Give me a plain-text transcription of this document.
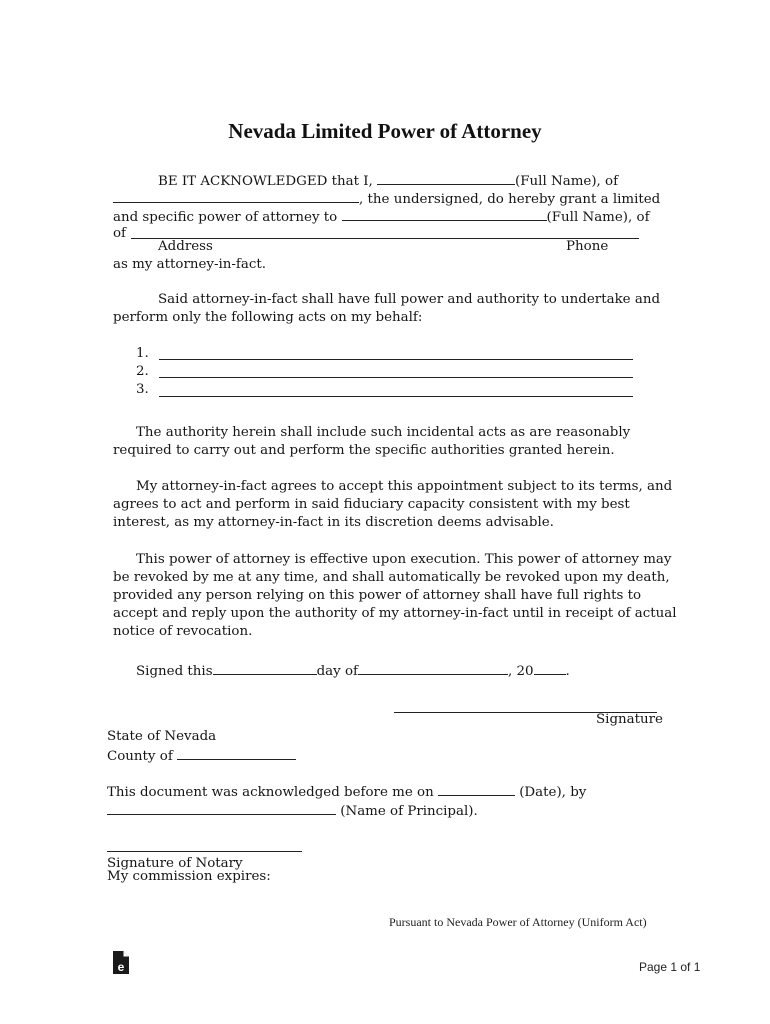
Nevada Limited Power of Attorney
BE IT ACKNOWLEDGED that I,	(Full Name), of
, the undersigned, do hereby grant a limited
and specific power of attorney to	(Full Name), of
of
Address	Phone
as my attorney-in-fact.
Said attorney-in-fact shall have full power and authority to undertake and
perform only the following acts on my behalf:
1.
2.
3.
The authority herein shall include such incidental acts as are reasonably
required to carry out and perform the specific authorities granted herein.
My attorney-in-fact agrees to accept this appointment subject to its terms, and
agrees to act and perform in said fiduciary capacity consistent with my best
interest, as my attorney-in-fact in its discretion deems advisable.
This power of attorney is effective upon execution. This power of attorney may
be revoked by me at any time, and shall automatically be revoked upon my death,
provided any person relying on this power of attorney shall have full rights to
accept and reply upon the authority of my attorney-in-fact until in receipt of actual
notice of revocation.
Signed this	day of	, 20 .
Signature
State of Nevada
County of
This document was acknowledged before me on	(Date), by
(Name of Principal).
Signature of Notary
My commission expires:
Pursuant to Nevada Power of Attorney (Uniform Act)
e	Page 1 of 1
